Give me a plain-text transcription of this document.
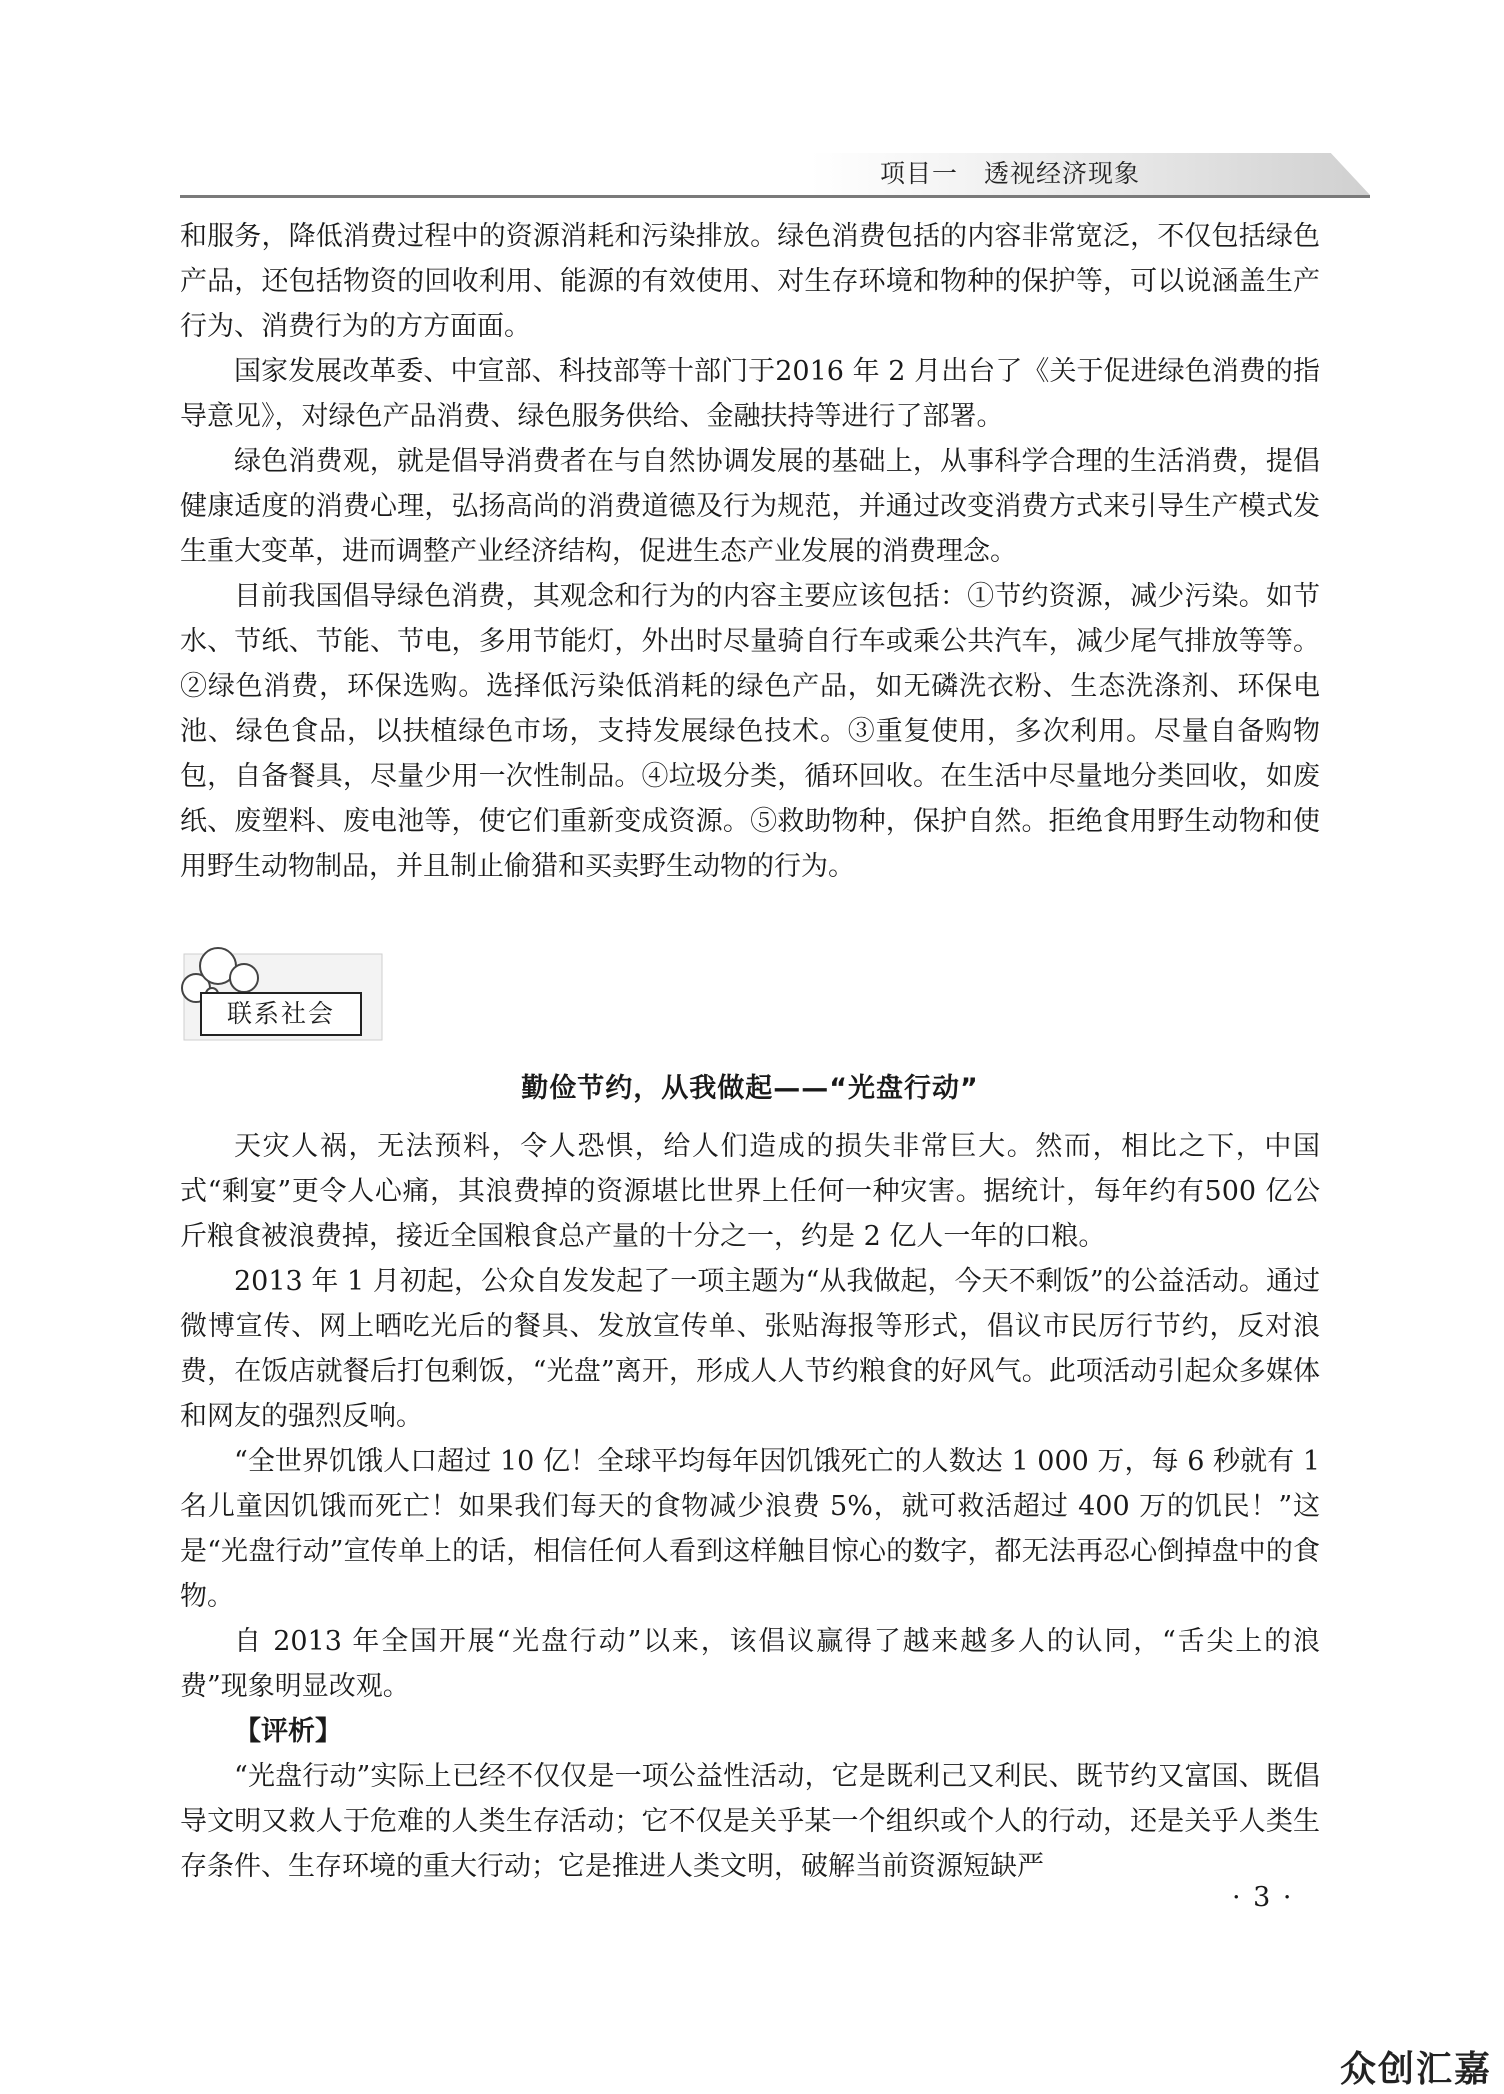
项目一　透视经济现象

和服务，降低消费过程中的资源消耗和污染排放。绿色消费包括的内容非常宽泛，不仅包括绿色产品，还包括物资的回收利用、能源的有效使用、对生存环境和物种的保护等，可以说涵盖生产行为、消费行为的方方面面。

国家发展改革委、中宣部、科技部等十部门于2016 年 2 月出台了《关于促进绿色消费的指导意见》，对绿色产品消费、绿色服务供给、金融扶持等进行了部署。

绿色消费观，就是倡导消费者在与自然协调发展的基础上，从事科学合理的生活消费，提倡健康适度的消费心理，弘扬高尚的消费道德及行为规范，并通过改变消费方式来引导生产模式发生重大变革，进而调整产业经济结构，促进生态产业发展的消费理念。

目前我国倡导绿色消费，其观念和行为的内容主要应该包括：①节约资源，减少污染。如节水、节纸、节能、节电，多用节能灯，外出时尽量骑自行车或乘公共汽车，减少尾气排放等等。②绿色消费，环保选购。选择低污染低消耗的绿色产品，如无磷洗衣粉、生态洗涤剂、环保电池、绿色食品，以扶植绿色市场，支持发展绿色技术。③重复使用，多次利用。尽量自备购物包，自备餐具，尽量少用一次性制品。④垃圾分类，循环回收。在生活中尽量地分类回收，如废纸、废塑料、废电池等，使它们重新变成资源。⑤救助物种，保护自然。拒绝食用野生动物和使用野生动物制品，并且制止偷猎和买卖野生动物的行为。

联系社会
勤俭节约，从我做起——“光盘行动”

天灾人祸，无法预料，令人恐惧，给人们造成的损失非常巨大。然而，相比之下，中国式“剩宴”更令人心痛，其浪费掉的资源堪比世界上任何一种灾害。据统计，每年约有500 亿公斤粮食被浪费掉，接近全国粮食总产量的十分之一，约是 2 亿人一年的口粮。

2013 年 1 月初起，公众自发发起了一项主题为“从我做起，今天不剩饭”的公益活动。通过微博宣传、网上晒吃光后的餐具、发放宣传单、张贴海报等形式，倡议市民厉行节约，反对浪费，在饭店就餐后打包剩饭，“光盘”离开，形成人人节约粮食的好风气。此项活动引起众多媒体和网友的强烈反响。

“全世界饥饿人口超过 10 亿！全球平均每年因饥饿死亡的人数达 1 000 万，每 6 秒就有 1 名儿童因饥饿而死亡！如果我们每天的食物减少浪费 5%，就可救活超过 400 万的饥民！”这是“光盘行动”宣传单上的话，相信任何人看到这样触目惊心的数字，都无法再忍心倒掉盘中的食物。

自 2013 年全国开展“光盘行动”以来，该倡议赢得了越来越多人的认同，“舌尖上的浪费”现象明显改观。

【评析】

“光盘行动”实际上已经不仅仅是一项公益性活动，它是既利己又利民、既节约又富国、既倡导文明又救人于危难的人类生存活动；它不仅是关乎某一个组织或个人的行动，还是关乎人类生存条件、生存环境的重大行动；它是推进人类文明，破解当前资源短缺严

· 3 ·
众创汇嘉
